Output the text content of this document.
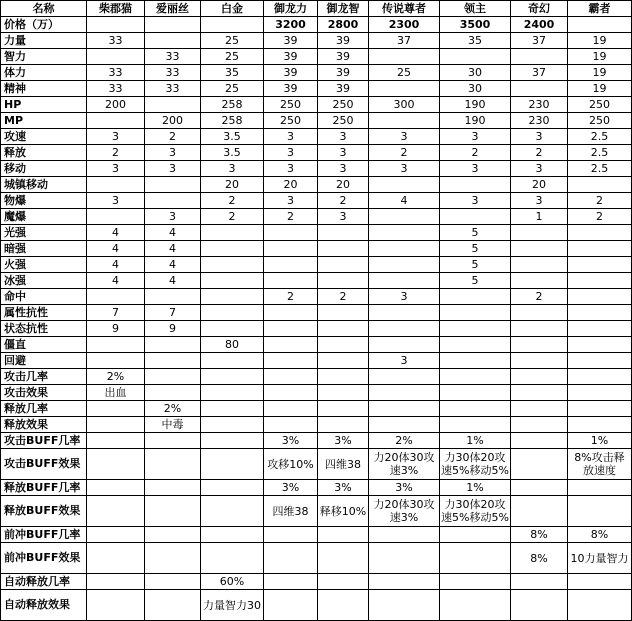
名称	柴郡猫	爱丽丝	白金	御龙力	御龙智	传说尊者	领主	奇幻	霸者
价格（万）				3200	2800	2300	3500	2400	
力量	33		25	39	39	37	35	37	19
智力		33	25	39	39				19
体力	33	33	35	39	39	25	30	37	19
精神	33	33	25	39	39		30		19
HP	200		258	250	250	300	190	230	250
MP		200	258	250	250		190	230	250
攻速	3	2	3.5	3	3	3	3	3	2.5
释放	2	3	3.5	3	3	2	2	2	2.5
移动	3	3	3	3	3	3	3	3	2.5
城镇移动			20	20	20			20	
物爆	3		2	3	2	4	3	3	2
魔爆		3	2	2	3			1	2
光强	4	4					5		
暗强	4	4					5		
火强	4	4					5		
冰强	4	4					5		
命中				2	2	3		2	
属性抗性	7	7							
状态抗性	9	9							
僵直			80						
回避						3			
攻击几率	2%								
攻击效果	出血								
释放几率		2%							
释放效果		中毒							
攻击BUFF几率				3%	3%	2%	1%		1%
攻击BUFF效果				攻移10%	四维38	力20体30攻速3%	力30体20攻速5%移动5%		8%攻击释放速度
释放BUFF几率				3%	3%	3%	1%		
释放BUFF效果				四维38	释移10%	力20体30攻速3%	力30体20攻速5%移动5%		
前冲BUFF几率								8%	8%
前冲BUFF效果								8%	10力量智力
自动释放几率			60%						
自动释放效果			力量智力30						
